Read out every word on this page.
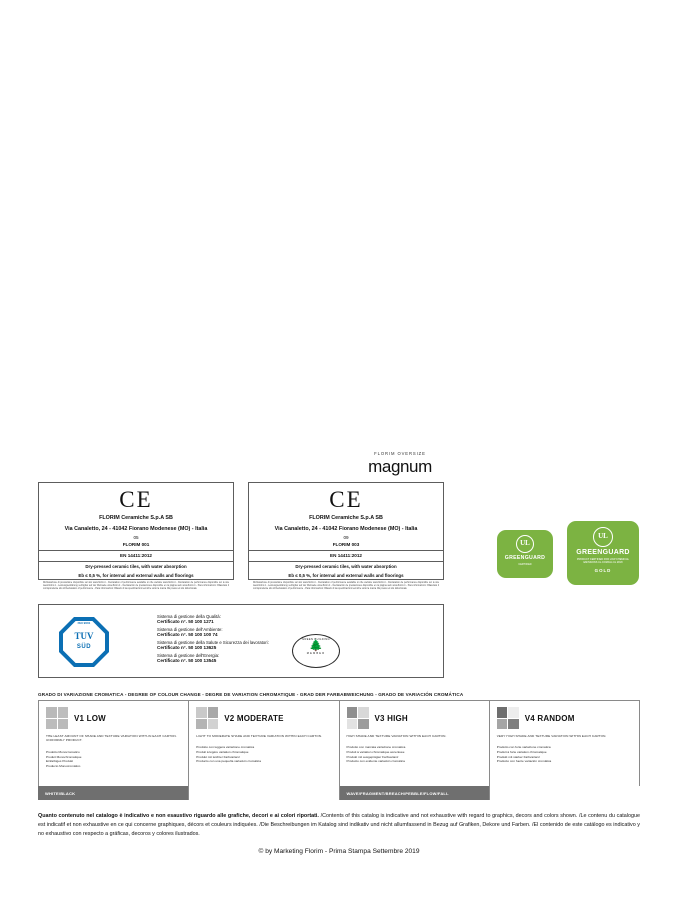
FLORIM OVERSIZE
magnum
CE
FLORIM Ceramiche S.p.A SB
Via Canaletto, 24 - 41042 Fiorano Modenese (MO) - Italia
05
FLORIM 001
EN 14411:2012
Dry-pressed ceramic tiles, with water absorption
Eb ≤ 0,5 %, for internal and external walls and floorings
Dichiarazione di prestazione disponibile sul sito www.florim.it - Declaration of performance available on the website www.florim.it - Déclaration de performance disponible sur le site www.florim.it - Leistungserklärung verfügbar auf der Webseite www.florim.it - Declaración de prestaciones disponible en la página web www.florim.it - Para informazioni: Rilasciato il corrispondente sito di Declaration of performance - Para informazioni: Rilascio il las specificazioni tecniche sotto la marca CE presso el sito istituzionale
CE
FLORIM Ceramiche S.p.A SB
Via Canaletto, 24 - 41042 Fiorano Modenese (MO) - Italia
09
FLORIM 003
EN 14411:2012
Dry-pressed ceramic tiles, with water absorption
Eb ≤ 0,5 %, for internal and external walls and floorings
Dichiarazione di prestazione disponibile sul sito www.florim.it - Declaration of performance available on the website www.florim.it - Déclaration de performance disponible sur le site www.florim.it - Leistungserklärung verfügbar auf der Webseite www.florim.it - Declaración de prestaciones disponible en la página web www.florim.it - Para informazioni: Rilasciato il corrispondente sito di Declaration of performance - Para informazioni: Rilascio il las specificazioni tecniche sotto la marca CE presso el sito istituzionale
UL
GREENGUARD
CERTIFIED
UL
GREENGUARD
PRODUCT CERTIFIED FOR LOW CHEMICAL EMISSIONS UL.COM/GG UL 2818
GOLD
ISO 9001
TUV
SÜD
Sistema di gestione della Qualità:
Certificato n°. 50 100 1271
Sistema di gestione dell'Ambiente:
Certificato n°. 50 100 100 74
Sistema di gestione della Salute e Sicurezza dei lavoratori:
Certificato n°. 50 100 13625
Sistema di gestione dell'Energia:
Certificato n°. 50 100 13545
GREEN BUILDING
🌲
MEMBER
GRADO DI VARIAZIONE CROMATICA - DEGREE OF COLOUR CHANGE - DEGRE DE VARIATION CHROMATIQUE - GRAD DER FARBABWEICHUNG - GRADO DE VARIACIÓN CROMÁTICA
V1 LOW
THE LEAST AMOUNT OF SHADE AND TEXTURE VARIATION WITH-IN EACH CARTON. UNIFORMLY PRODUCT.
Prodotto Monocromatico
Produit Monochromatique
Einfarbiges Produkt
Producto Monocromático
V2 MODERATE
LIGHT TO MODERATE SHADE AND TEXTURE VARIATION WITHIN EACH CARTON.
Prodotto con leggera variazione cromatica
Produit à légère variation chromatique
Produkt mit leichter Farbvarianz
Producto con una pequeña variación cromática
V3 HIGH
HIGH SHADE AND TEXTURE VARIATION WITHIN EACH CARTON.
Prodotto con marcata variazione cromatica
Produit à variation chromatique accentuée
Produkt mit ausgeprägter Farbvarianz
Producto con evidente variación cromática
V4 RANDOM
VERY HIGH SHADE AND TEXTURE VARIATION WITHIN EACH CARTON.
Prodotto con forte variazione cromatica
Produit à forte variation chromatique
Produkt mit starker Farbvarianz
Producto con fuerte variación cromática
WHITE/BLACK	WAVE/FRAGMENT/BREACH/PEBBLE/FLOW/FALL
Quanto contenuto nel catalogo è indicativo e non esaustivo riguardo alle grafiche, decori e ai colori riportati. /Contents of this catalog is indicative and not exhaustive with regard to graphics, decors and colors shown. /Le contenu du catalogue est indicatif et non exhaustive en ce qui concerne graphiques, décors et couleurs indiquées. /Die Beschreibungen im Katalog sind indikativ und nicht allumfassend in Bezug auf Grafiken, Dekore und Farben. /El contenido de este catálogo es indicativo y no exhaustivo con respecto a gráficas, decoros y colores ilustrados.
© by Marketing Florim - Prima Stampa Settembre 2019
